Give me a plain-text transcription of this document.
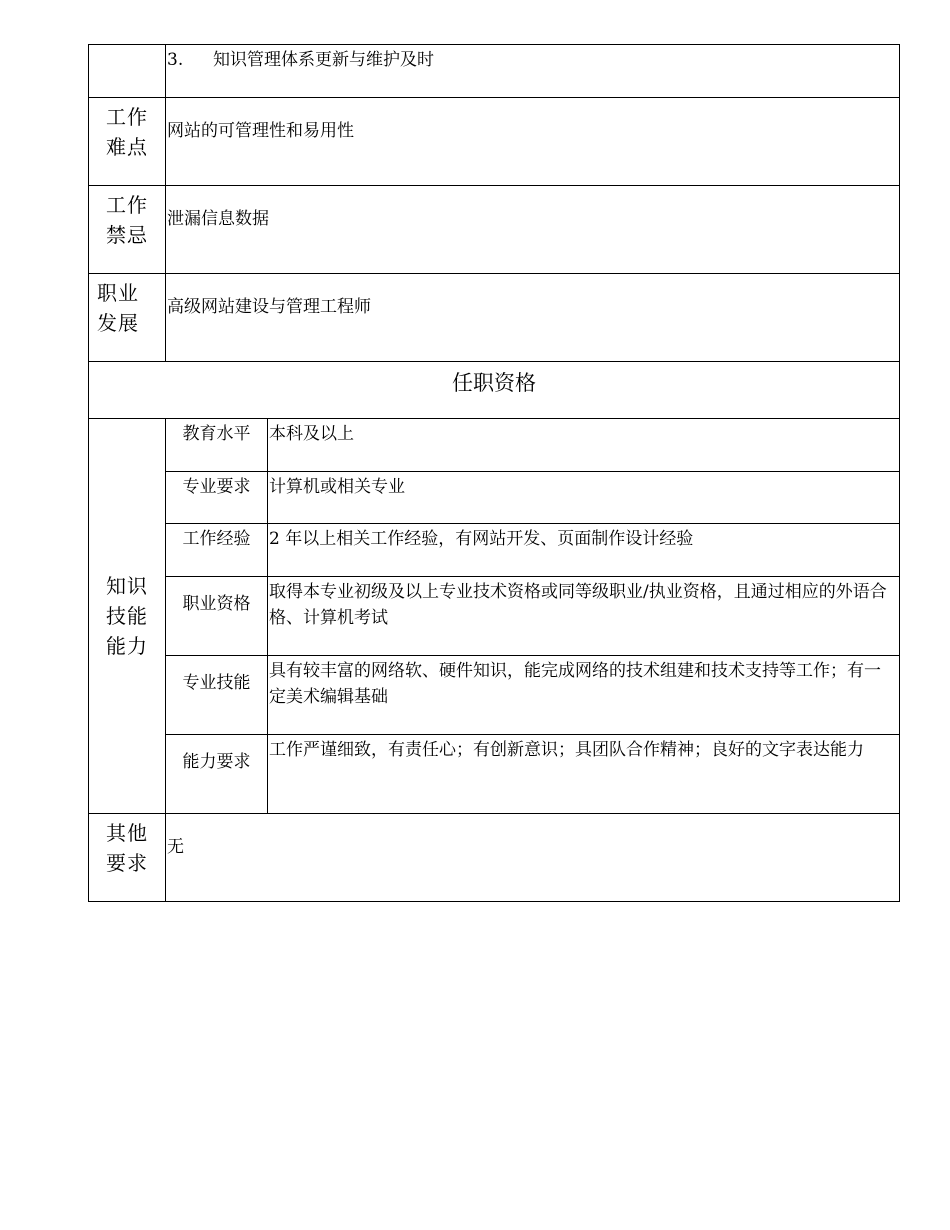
	3. 知识管理体系更新与维护及时	

工作
难点	网站的可管理性和易用性	

工作
禁忌	泄漏信息数据	

职业
发展	高级网站建设与管理工程师	
任职资格		

知识
技能
能力	教育水平	本科及以上
	专业要求	计算机或相关专业
	工作经验	2 年以上相关工作经验，有网站开发、页面制作设计经验
	职业资格	取得本专业初级及以上专业技术资格或同等级职业/执业资格，且通过相应的外语合格、计算机考试
	专业技能	具有较丰富的网络软、硬件知识，能完成网络的技术组建和技术支持等工作；有一定美术编辑基础
	能力要求	工作严谨细致，有责任心；有创新意识；具团队合作精神；良好的文字表达能力

其他
要求	无	
